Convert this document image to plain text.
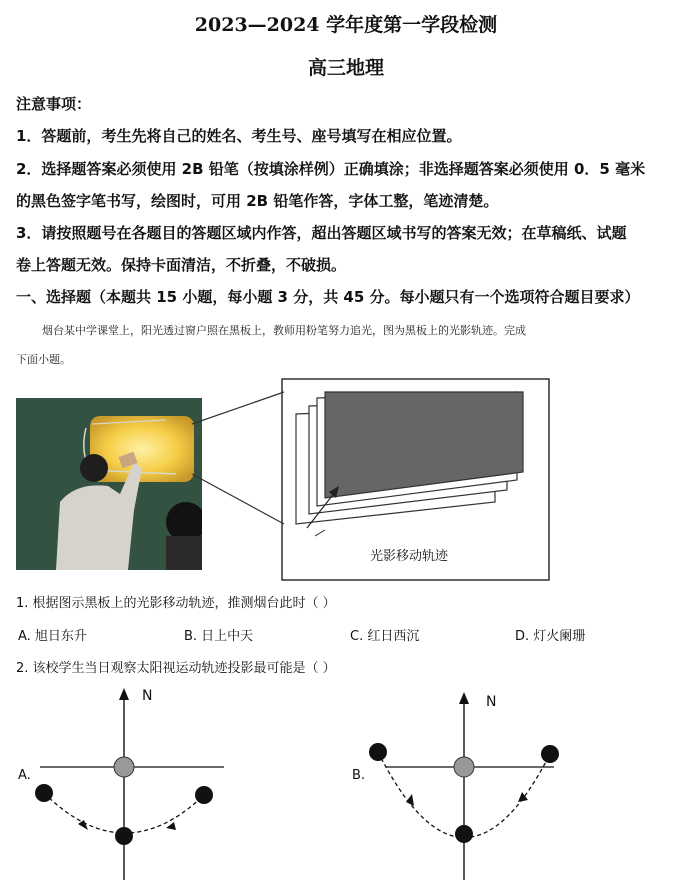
2023—2024 学年度第一学段检测
高三地理
注意事项：
1．答题前，考生先将自己的姓名、考生号、座号填写在相应位置。
2．选择题答案必须使用 2B 铅笔（按填涂样例）正确填涂；非选择题答案必须使用 0．5 毫米
的黑色签字笔书写，绘图时，可用 2B 铅笔作答，字体工整，笔迹清楚。
3．请按照题号在各题目的答题区域内作答，超出答题区域书写的答案无效；在草稿纸、试题
卷上答题无效。保持卡面清洁，不折叠，不破损。
一、选择题（本题共 15 小题，每小题 3 分，共 45 分。每小题只有一个选项符合题目要求）
烟台某中学课堂上，阳光透过窗户照在黑板上，教师用粉笔努力追光，图为黑板上的光影轨迹。完成
下面小题。
光影移动轨迹
1. 根据图示黑板上的光影移动轨迹，推测烟台此时（ ）
A. 旭日东升	B. 日上中天	C. 红日西沉	D. 灯火阑珊
2. 该校学生当日观察太阳视运动轨迹投影最可能是（ ）
A.
N
B.
N
